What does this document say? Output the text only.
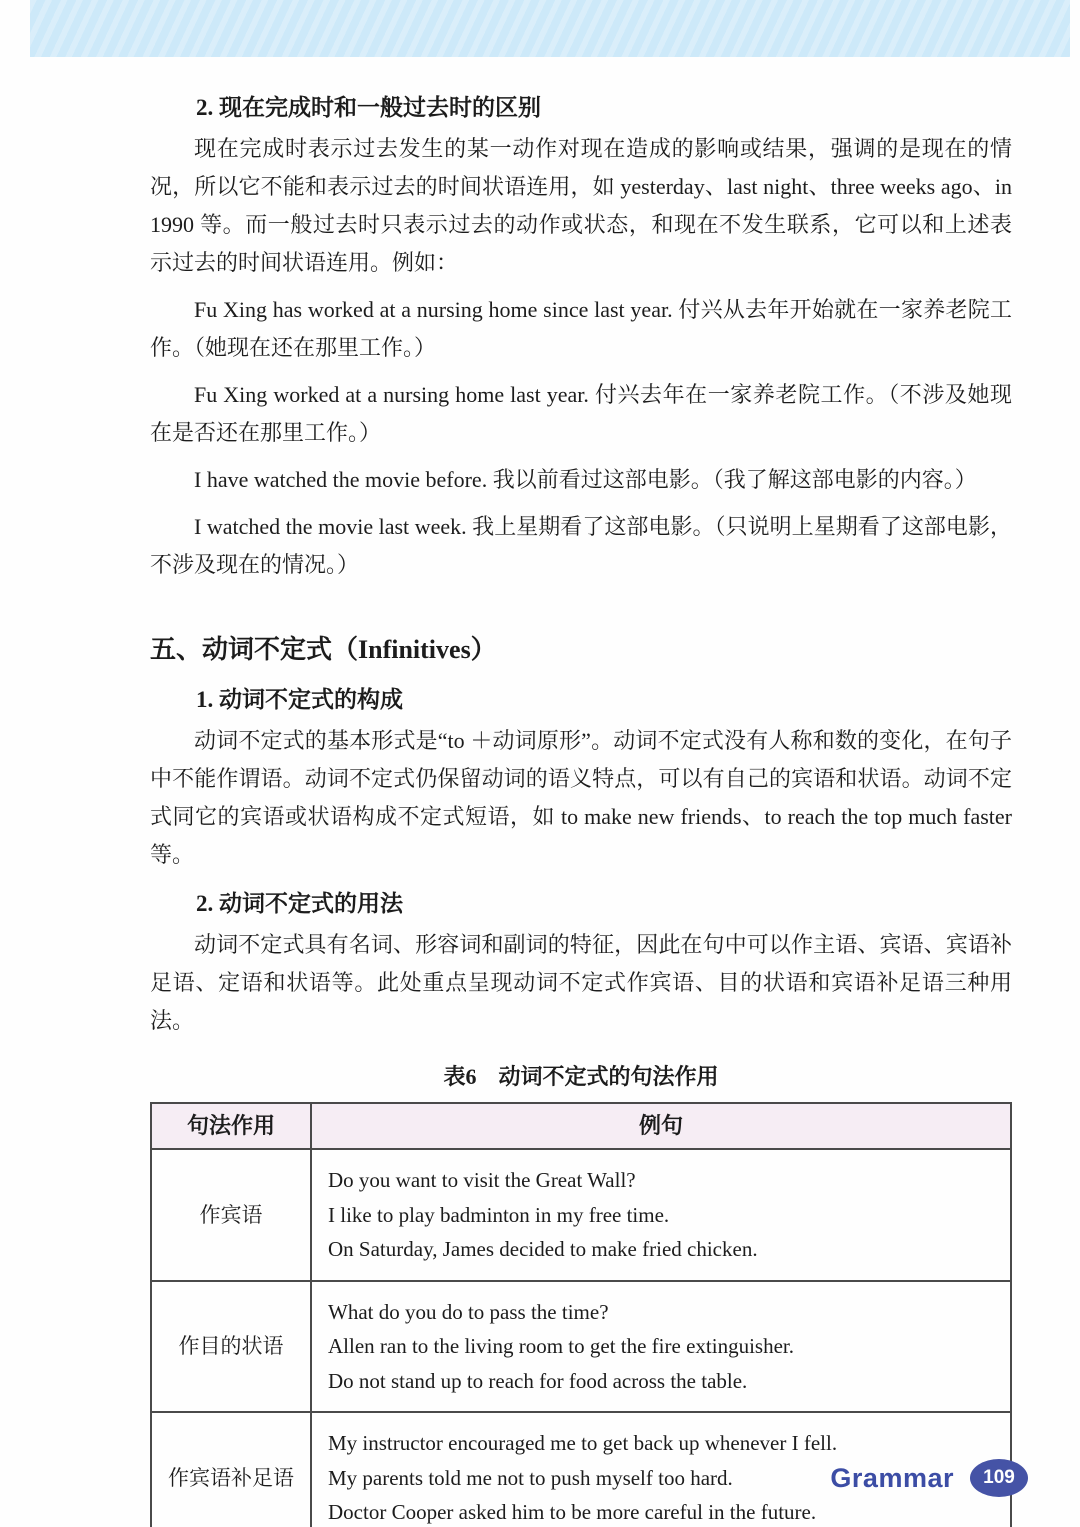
2. 现在完成时和一般过去时的区别

现在完成时表示过去发生的某一动作对现在造成的影响或结果，强调的是现在的情况，所以它不能和表示过去的时间状语连用，如 yesterday、last night、three weeks ago、in 1990 等。而一般过去时只表示过去的动作或状态，和现在不发生联系，它可以和上述表示过去的时间状语连用。例如：

Fu Xing has worked at a nursing home since last year. 付兴从去年开始就在一家养老院工作。（她现在还在那里工作。）

Fu Xing worked at a nursing home last year. 付兴去年在一家养老院工作。（不涉及她现在是否还在那里工作。）

I have watched the movie before. 我以前看过这部电影。（我了解这部电影的内容。）

I watched the movie last week. 我上星期看了这部电影。（只说明上星期看了这部电影，不涉及现在的情况。）

五、动词不定式（Infinitives）
1. 动词不定式的构成

动词不定式的基本形式是“to ＋动词原形”。动词不定式没有人称和数的变化，在句子中不能作谓语。动词不定式仍保留动词的语义特点，可以有自己的宾语和状语。动词不定式同它的宾语或状语构成不定式短语，如 to make new friends、to reach the top much faster 等。

2. 动词不定式的用法

动词不定式具有名词、形容词和副词的特征，因此在句中可以作主语、宾语、宾语补足语、定语和状语等。此处重点呈现动词不定式作宾语、目的状语和宾语补足语三种用法。

表6　动词不定式的句法作用
句法作用	例句
作宾语	Do you want to visit the Great Wall?
I like to play badminton in my free time.
On Saturday, James decided to make fried chicken.

作目的状语	What do you do to pass the time?
Allen ran to the living room to get the fire extinguisher.
Do not stand up to reach for food across the table.

作宾语补足语	My instructor encouraged me to get back up whenever I fell.
My parents told me not to push myself too hard.
Doctor Cooper asked him to be more careful in the future.
Grammar	109
